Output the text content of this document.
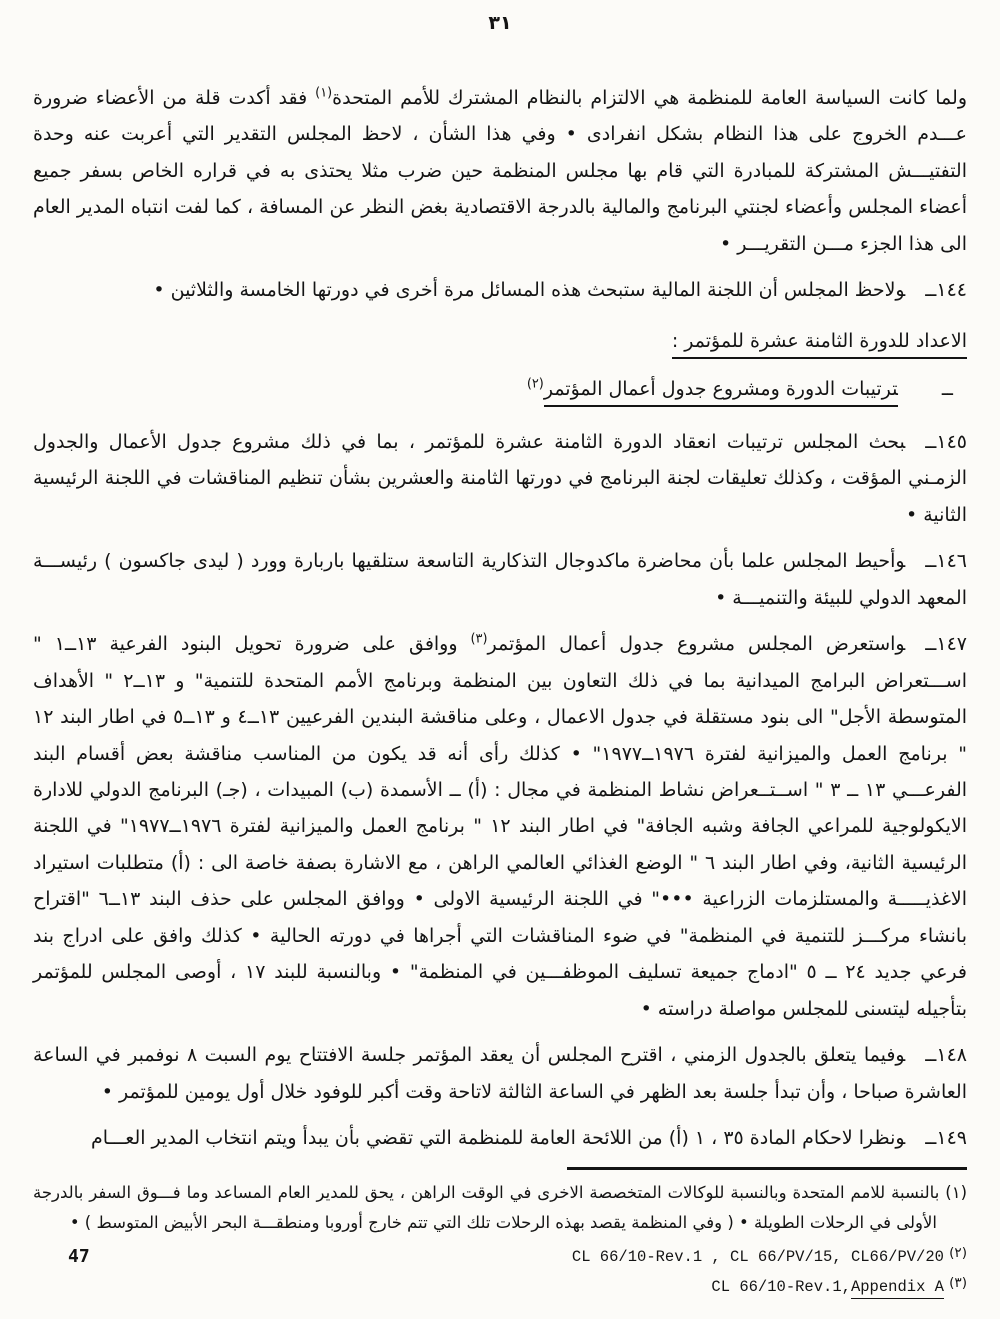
٣١

ولما كانت السياسة العامة للمنظمة هي الالتزام بالنظام المشترك للأمم المتحدة$^{(١)}$ فقد أكدت قلة من الأعضاء ضرورة عـــدم الخروج على هذا النظام بشكل انفرادى • وفي هذا الشأن ، لاحظ المجلس التقدير التي أعربت عنه وحدة التفتيـــش المشتركة للمبادرة التي قام بها مجلس المنظمة حين ضرب مثلا يحتذى به في قراره الخاص بسفر جميع أعضاء المجلس وأعضاء لجنتي البرنامج والمالية بالدرجة الاقتصادية بغض النظر عن المسافة ، كما لفت انتباه المدير العام الى هذا الجزء مـــن التقريـــر •

١٤٤ــولاحظ المجلس أن اللجنة المالية ستبحث هذه المسائل مرة أخرى في دورتها الخامسة والثلاثين •

الاعداد للدورة الثامنة عشرة للمؤتمر :
ــترتيبات الدورة ومشروع جدول أعمال المؤتمر$^{(٢)}$

١٤٥ــبحث المجلس ترتيبات انعقاد الدورة الثامنة عشرة للمؤتمر ، بما في ذلك مشروع جدول الأعمال والجدول الزمـني المؤقت ، وكذلك تعليقات لجنة البرنامج في دورتها الثامنة والعشرين بشأن تنظيم المناقشات في اللجنة الرئيسية الثانية •

١٤٦ــوأحيط المجلس علما بأن محاضرة ماكدوجال التذكارية التاسعة ستلقيها باربارة وورد ( ليدى جاكسون ) رئيســـة المعهد الدولي للبيئة والتنميـــة •

١٤٧ــواستعرض المجلس مشروع جدول أعمال المؤتمر$^{(٣)}$ ووافق على ضرورة تحويل البنود الفرعية ١٣ــ١ " اســـتعراض البرامج الميدانية بما في ذلك التعاون بين المنظمة وبرنامج الأمم المتحدة للتنمية" و ١٣ــ٢ " الأهداف المتوسطة الأجل" الى بنود مستقلة في جدول الاعمال ، وعلى مناقشة البندين الفرعيين ١٣ــ٤ و ١٣ــ٥ في اطار البند ١٢ " برنامج العمل والميزانية لفترة ١٩٧٦ــ١٩٧٧" • كذلك رأى أنه قد يكون من المناسب مناقشة بعض أقسام البند الفرعـــي ١٣ ــ ٣ " اســتــعراض نشاط المنظمة في مجال : (أ) ــ الأسمدة (ب) المبيدات ، (جـ) البرنامج الدولي للادارة الايكولوجية للمراعي الجافة وشبه الجافة" في اطار البند ١٢ " برنامج العمل والميزانية لفترة ١٩٧٦ــ١٩٧٧" في اللجنة الرئيسية الثانية، وفي اطار البند ٦ " الوضع الغذائي العالمي الراهن ، مع الاشارة بصفة خاصة الى : (أ) متطلبات استيراد الاغذيـــــة والمستلزمات الزراعية •••" في اللجنة الرئيسية الاولى • ووافق المجلس على حذف البند ١٣ــ٦ "اقتراح بانشاء مركـــز للتنمية في المنظمة" في ضوء المناقشات التي أجراها في دورته الحالية • كذلك وافق على ادراج بند فرعي جديد ٢٤ ــ ٥ "ادماج جميعة تسليف الموظفـــين في المنظمة" • وبالنسبة للبند ١٧ ، أوصى المجلس للمؤتمر بتأجيله ليتسنى للمجلس مواصلة دراسته •

١٤٨ــوفيما يتعلق بالجدول الزمني ، اقترح المجلس أن يعقد المؤتمر جلسة الافتتاح يوم السبت ٨ نوفمبر في الساعة العاشرة صباحا ، وأن تبدأ جلسة بعد الظهر في الساعة الثالثة لاتاحة وقت أكبر للوفود خلال أول يومين للمؤتمر •

١٤٩ــونظرا لاحكام المادة ٣٥ ، ١ (أ) من اللائحة العامة للمنظمة التي تقضي بأن يبدأ ويتم انتخاب المدير العـــام

(١) بالنسبة للامم المتحدة وبالنسبة للوكالات المتخصصة الاخرى في الوقت الراهن ، يحق للمدير العام المساعد وما فـــوق السفر بالدرجة الأولى في الرحلات الطويلة • ( وفي المنظمة يقصد بهذه الرحلات تلك التي تتم خارج أوروبا ومنطقـــة البحر الأبيض المتوسط ) •
$^{(٢)}$ CL 66/10-Rev.1 , CL 66/PV/15, CL66/PV/20
$^{(٣)}$ CL 66/10-Rev.1,Appendix A
47
